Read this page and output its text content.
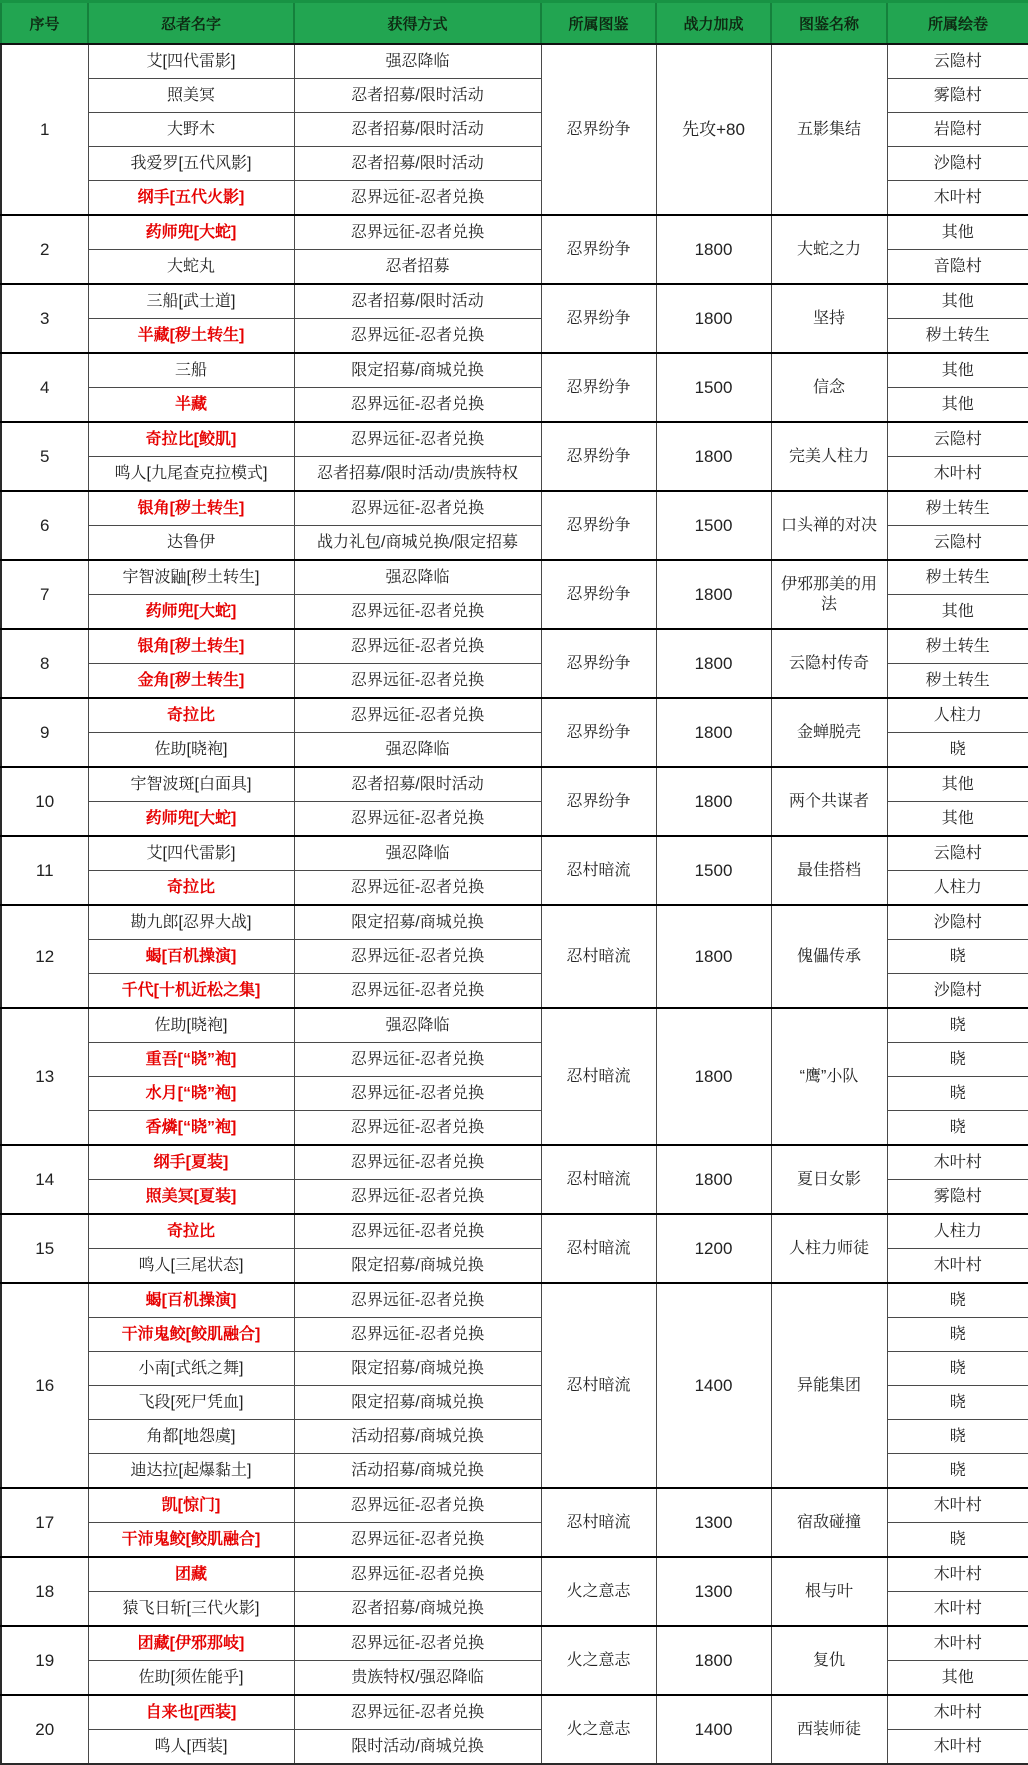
序号	忍者名字	获得方式	所属图鉴	战力加成	图鉴名称	所属绘卷
1	艾[四代雷影]	强忍降临	忍界纷争	先攻+80	五影集结	云隐村
	照美冥	忍者招募/限时活动				雾隐村
	大野木	忍者招募/限时活动				岩隐村
	我爱罗[五代风影]	忍者招募/限时活动				沙隐村
	纲手[五代火影]	忍界远征-忍者兑换				木叶村
2	药师兜[大蛇]	忍界远征-忍者兑换	忍界纷争	1800	大蛇之力	其他
	大蛇丸	忍者招募				音隐村
3	三船[武士道]	忍者招募/限时活动	忍界纷争	1800	坚持	其他
	半藏[秽土转生]	忍界远征-忍者兑换				秽土转生
4	三船	限定招募/商城兑换	忍界纷争	1500	信念	其他
	半藏	忍界远征-忍者兑换				其他
5	奇拉比[鲛肌]	忍界远征-忍者兑换	忍界纷争	1800	完美人柱力	云隐村
	鸣人[九尾查克拉模式]	忍者招募/限时活动/贵族特权				木叶村
6	银角[秽土转生]	忍界远征-忍者兑换	忍界纷争	1500	口头禅的对决	秽土转生
	达鲁伊	战力礼包/商城兑换/限定招募				云隐村
7	宇智波鼬[秽土转生]	强忍降临	忍界纷争	1800	伊邪那美的用法	秽土转生
	药师兜[大蛇]	忍界远征-忍者兑换				其他
8	银角[秽土转生]	忍界远征-忍者兑换	忍界纷争	1800	云隐村传奇	秽土转生
	金角[秽土转生]	忍界远征-忍者兑换				秽土转生
9	奇拉比	忍界远征-忍者兑换	忍界纷争	1800	金蝉脱壳	人柱力
	佐助[晓袍]	强忍降临				晓
10	宇智波斑[白面具]	忍者招募/限时活动	忍界纷争	1800	两个共谋者	其他
	药师兜[大蛇]	忍界远征-忍者兑换				其他
11	艾[四代雷影]	强忍降临	忍村暗流	1500	最佳搭档	云隐村
	奇拉比	忍界远征-忍者兑换				人柱力
12	勘九郎[忍界大战]	限定招募/商城兑换	忍村暗流	1800	傀儡传承	沙隐村
	蝎[百机操演]	忍界远征-忍者兑换				晓
	千代[十机近松之集]	忍界远征-忍者兑换				沙隐村
13	佐助[晓袍]	强忍降临	忍村暗流	1800	“鹰”小队	晓
	重吾[“晓”袍]	忍界远征-忍者兑换				晓
	水月[“晓”袍]	忍界远征-忍者兑换				晓
	香燐[“晓”袍]	忍界远征-忍者兑换				晓
14	纲手[夏装]	忍界远征-忍者兑换	忍村暗流	1800	夏日女影	木叶村
	照美冥[夏装]	忍界远征-忍者兑换				雾隐村
15	奇拉比	忍界远征-忍者兑换	忍村暗流	1200	人柱力师徒	人柱力
	鸣人[三尾状态]	限定招募/商城兑换				木叶村
16	蝎[百机操演]	忍界远征-忍者兑换	忍村暗流	1400	异能集团	晓
	干沛鬼鲛[鲛肌融合]	忍界远征-忍者兑换				晓
	小南[式纸之舞]	限定招募/商城兑换				晓
	飞段[死尸凭血]	限定招募/商城兑换				晓
	角都[地怨虞]	活动招募/商城兑换				晓
	迪达拉[起爆黏土]	活动招募/商城兑换				晓
17	凯[惊门]	忍界远征-忍者兑换	忍村暗流	1300	宿敌碰撞	木叶村
	干沛鬼鲛[鲛肌融合]	忍界远征-忍者兑换				晓
18	团藏	忍界远征-忍者兑换	火之意志	1300	根与叶	木叶村
	猿飞日斩[三代火影]	忍者招募/商城兑换				木叶村
19	团藏[伊邪那岐]	忍界远征-忍者兑换	火之意志	1800	复仇	木叶村
	佐助[须佐能乎]	贵族特权/强忍降临				其他
20	自来也[西装]	忍界远征-忍者兑换	火之意志	1400	西装师徒	木叶村
	鸣人[西装]	限时活动/商城兑换				木叶村
